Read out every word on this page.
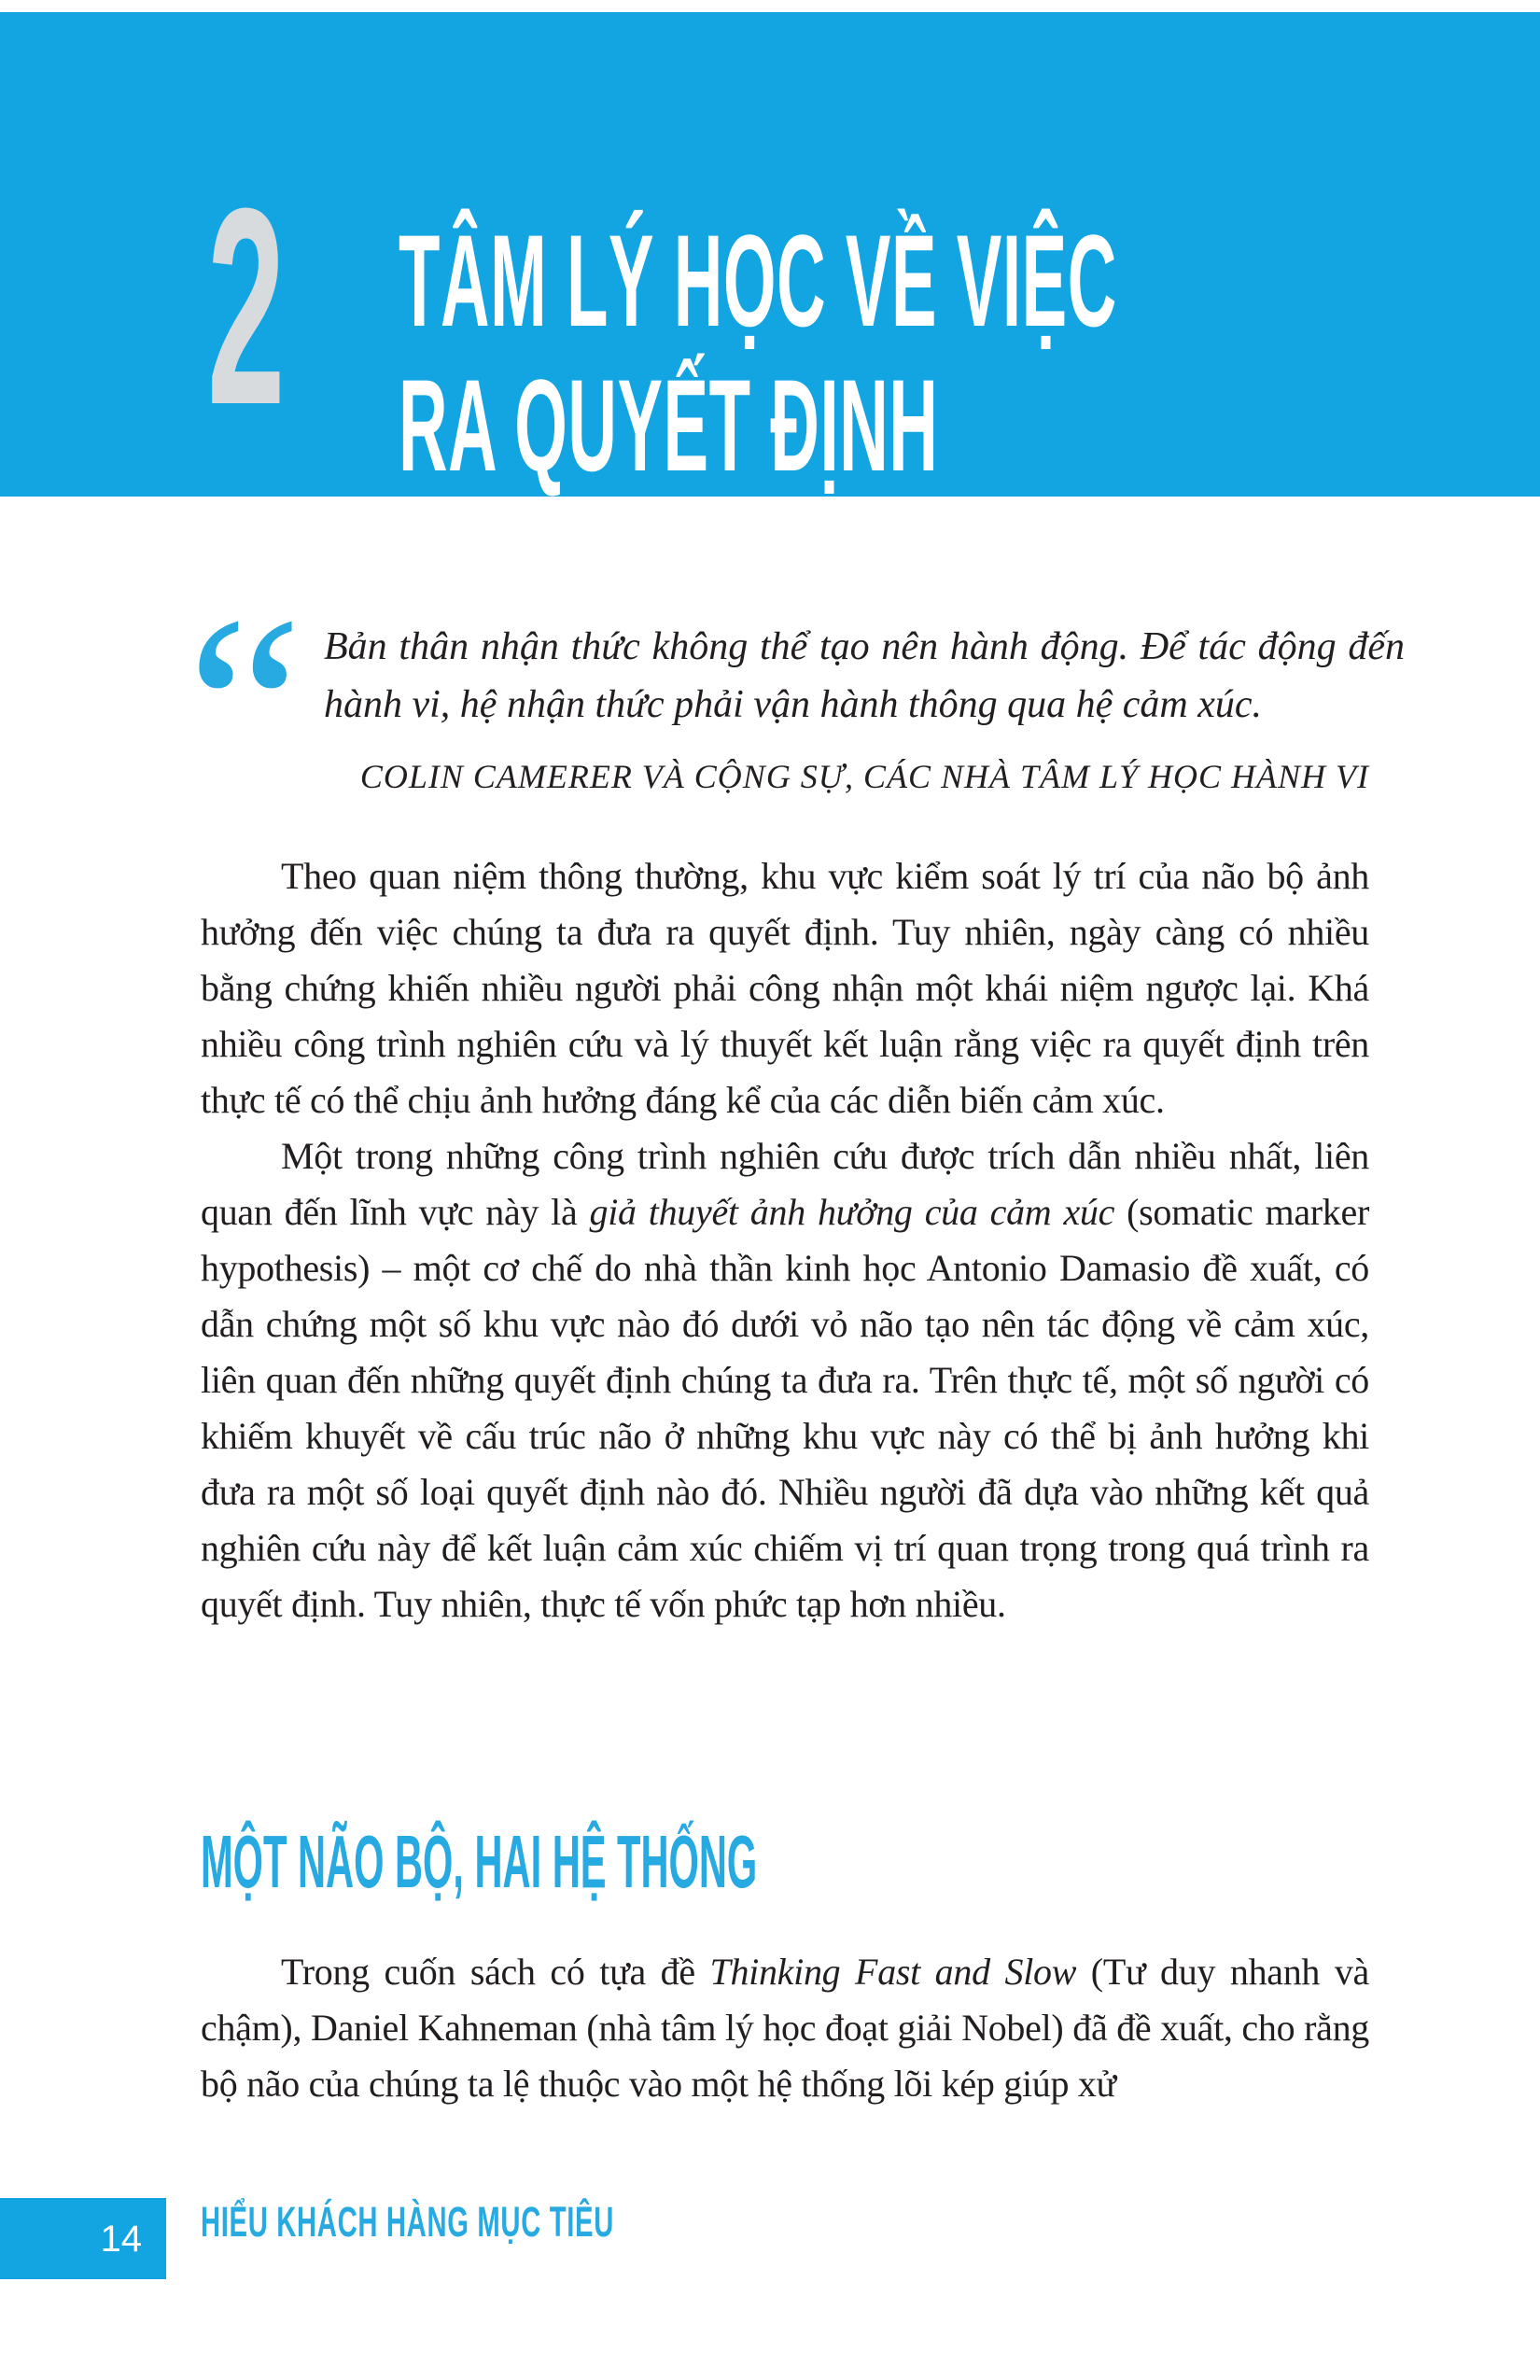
2 TÂM LÝ HỌC VỀ VIỆC
RA QUYẾT ĐỊNH
“ Bản thân nhận thức không thể tạo nên hành động. Để tác động đến hành vi, hệ nhận thức phải vận hành thông qua hệ cảm xúc.
COLIN CAMERER VÀ CỘNG SỰ, CÁC NHÀ TÂM LÝ HỌC HÀNH VI

Theo quan niệm thông thường, khu vực kiểm soát lý trí của não bộ ảnh hưởng đến việc chúng ta đưa ra quyết định. Tuy nhiên, ngày càng có nhiều bằng chứng khiến nhiều người phải công nhận một khái niệm ngược lại. Khá nhiều công trình nghiên cứu và lý thuyết kết luận rằng việc ra quyết định trên thực tế có thể chịu ảnh hưởng đáng kể của các diễn biến cảm xúc.

Một trong những công trình nghiên cứu được trích dẫn nhiều nhất, liên quan đến lĩnh vực này là giả thuyết ảnh hưởng của cảm xúc (somatic marker hypothesis) – một cơ chế do nhà thần kinh học Antonio Damasio đề xuất, có dẫn chứng một số khu vực nào đó dưới vỏ não tạo nên tác động về cảm xúc, liên quan đến những quyết định chúng ta đưa ra. Trên thực tế, một số người có khiếm khuyết về cấu trúc não ở những khu vực này có thể bị ảnh hưởng khi đưa ra một số loại quyết định nào đó. Nhiều người đã dựa vào những kết quả nghiên cứu này để kết luận cảm xúc chiếm vị trí quan trọng trong quá trình ra quyết định. Tuy nhiên, thực tế vốn phức tạp hơn nhiều.

MỘT NÃO BỘ, HAI HỆ THỐNG

Trong cuốn sách có tựa đề Thinking Fast and Slow (Tư duy nhanh và chậm), Daniel Kahneman (nhà tâm lý học đoạt giải Nobel) đã đề xuất, cho rằng bộ não của chúng ta lệ thuộc vào một hệ thống lõi kép giúp xử

14 HIỂU KHÁCH HÀNG MỤC TIÊU
